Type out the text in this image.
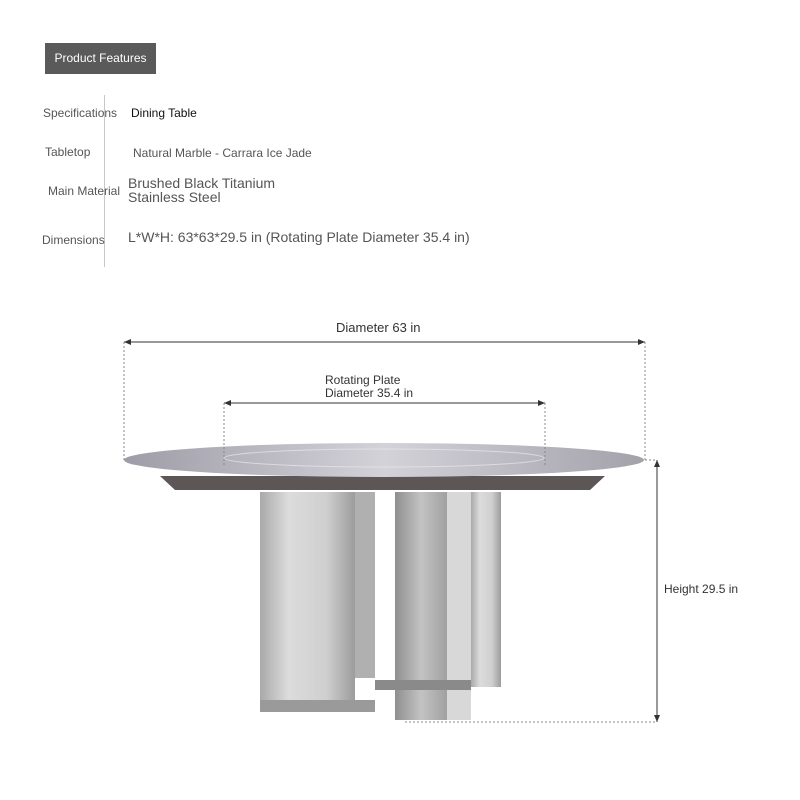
Product Features
Specifications Dining Table
Tabletop	Natural Marble - Carrara Ice Jade
Main Material Brushed Black Titanium
Stainless Steel
Dimensions L*W*H: 63*63*29.5 in (Rotating Plate Diameter 35.4 in)
Diameter 63 in
Rotating Plate
Diameter 35.4 in
Height 29.5 in
